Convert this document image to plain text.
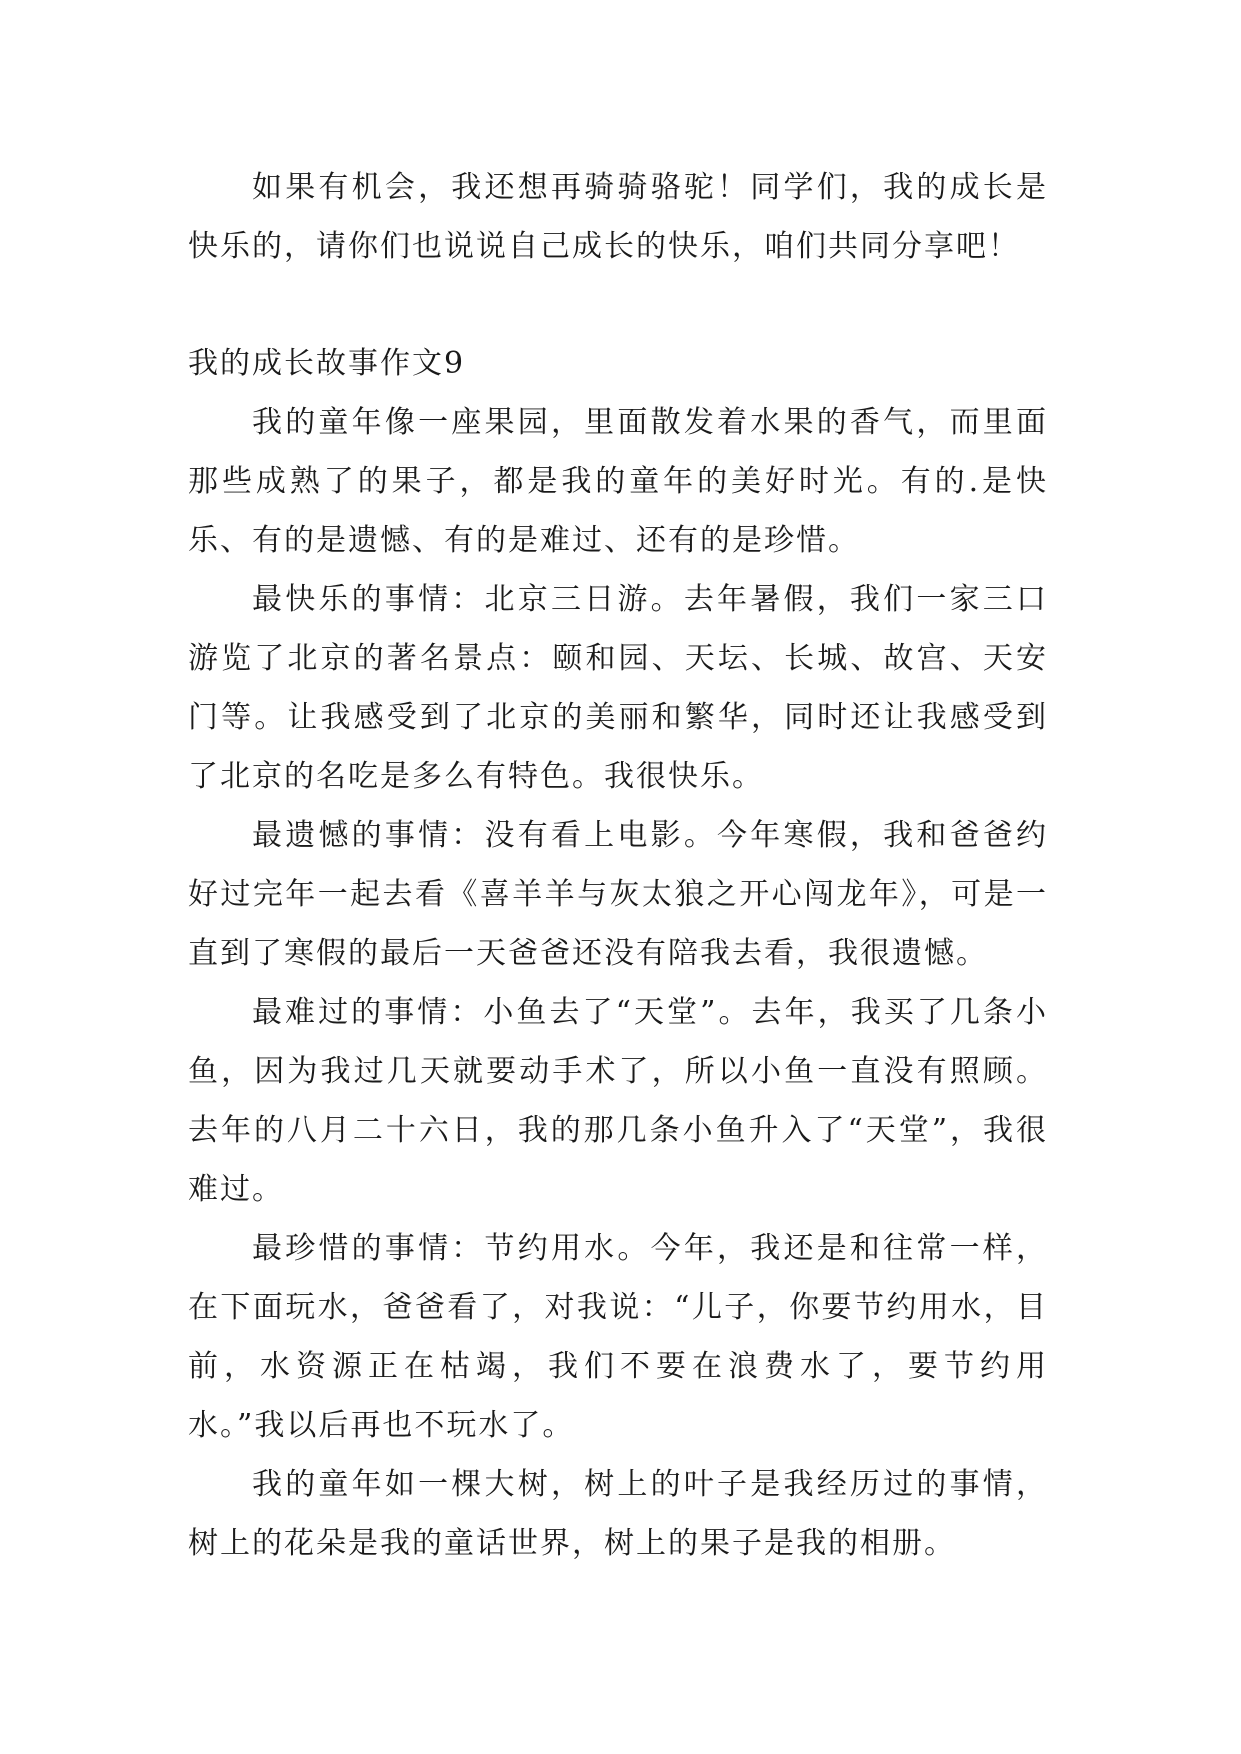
如果有机会，我还想再骑骑骆驼！同学们，我的成长是快乐的，请你们也说说自己成长的快乐，咱们共同分享吧！

我的成长故事作文9

我的童年像一座果园，里面散发着水果的香气，而里面那些成熟了的果子，都是我的童年的美好时光。有的.是快乐、有的是遗憾、有的是难过、还有的是珍惜。

最快乐的事情：北京三日游。去年暑假，我们一家三口游览了北京的著名景点：颐和园、天坛、长城、故宫、天安门等。让我感受到了北京的美丽和繁华，同时还让我感受到了北京的名吃是多么有特色。我很快乐。

最遗憾的事情：没有看上电影。今年寒假，我和爸爸约好过完年一起去看《喜羊羊与灰太狼之开心闯龙年》，可是一直到了寒假的最后一天爸爸还没有陪我去看，我很遗憾。

最难过的事情：小鱼去了“天堂”。去年，我买了几条小鱼，因为我过几天就要动手术了，所以小鱼一直没有照顾。去年的八月二十六日，我的那几条小鱼升入了“天堂”，我很难过。

最珍惜的事情：节约用水。今年，我还是和往常一样，在下面玩水，爸爸看了，对我说：“儿子，你要节约用水，目前，水资源正在枯竭，我们不要在浪费水了，要节约用水。”我以后再也不玩水了。

我的童年如一棵大树，树上的叶子是我经历过的事情，树上的花朵是我的童话世界，树上的果子是我的相册。
